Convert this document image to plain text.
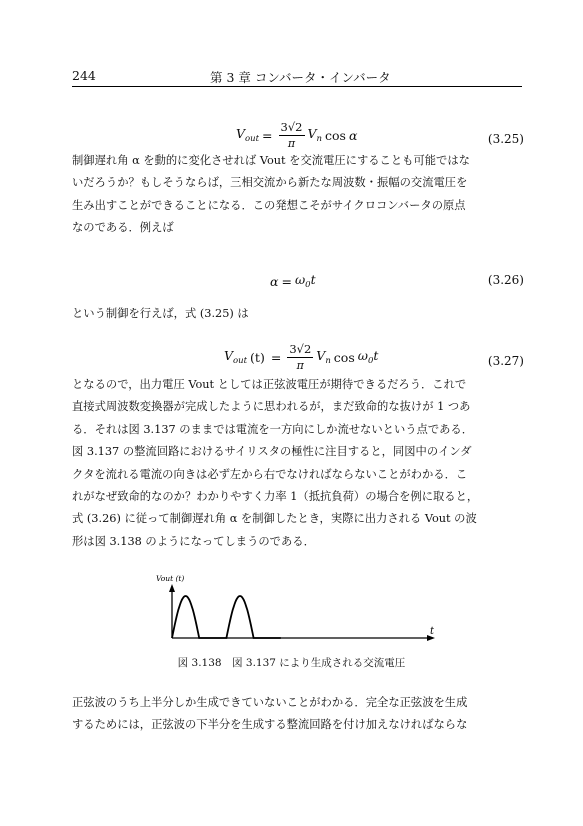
244	第 3 章 コンバータ・インバータ
$V_{out} = \frac{3√2}{\pi} V_n$ cos α	(3.25)
制御遅れ角 α を動的に変化させれば Vout を交流電圧にすることも可能ではな
いだろうか？もしそうならば，三相交流から新たな周波数・振幅の交流電圧を
生み出すことができることになる．この発想こそがサイクロコンバータの原点
なのである．例えば
$\alpha = \omega_0t$	(3.26)
という制御を行えば，式 (3.25) は
$V_{out}$ $(t) = \frac{3√2}{\pi} V_n$ $\cos \omega_0t$	(3.27)
となるので，出力電圧 Vout としては正弦波電圧が期待できるだろう．これで
直接式周波数変換器が完成したように思われるが，まだ致命的な抜けが 1 つあ
る．それは図 3.137 のままでは電流を一方向にしか流せないという点である．
図 3.137 の整流回路におけるサイリスタの極性に注目すると，同図中のインダ
クタを流れる電流の向きは必ず左から右でなければならないことがわかる．こ
れがなぜ致命的なのか？わかりやすく力率 1（抵抗負荷）の場合を例に取ると，
式 (3.26) に従って制御遅れ角 α を制御したとき，実際に出力される Vout の波
形は図 3.138 のようになってしまうのである．
Vout (t)
t
図 3.138　図 3.137 により生成される交流電圧
正弦波のうち上半分しか生成できていないことがわかる．完全な正弦波を生成
するためには，正弦波の下半分を生成する整流回路を付け加えなければならな
